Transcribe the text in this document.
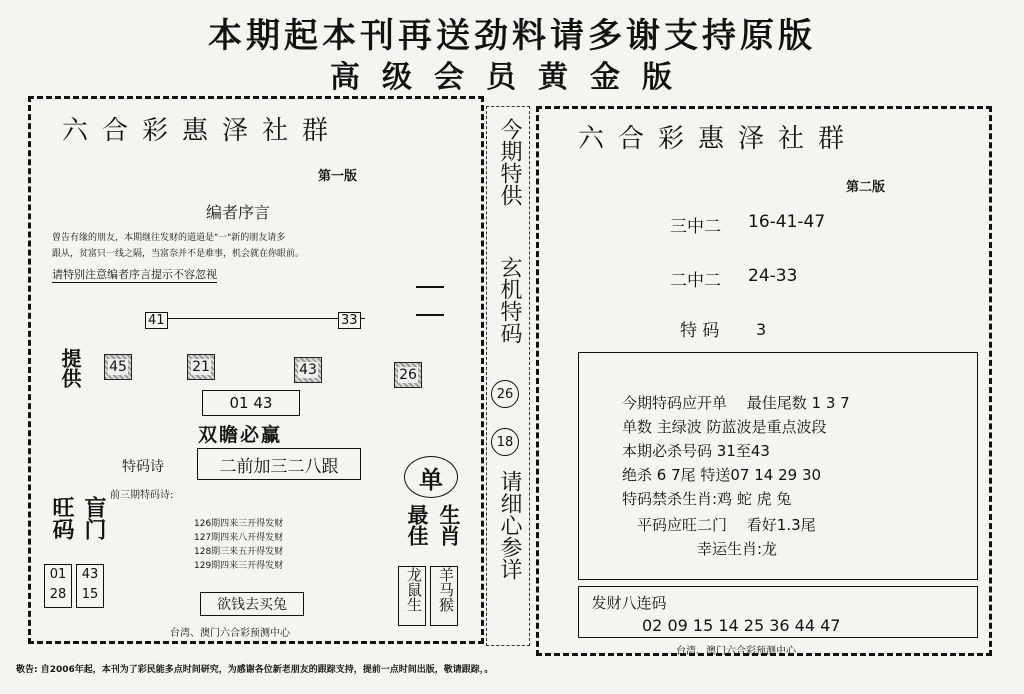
本期起本刊再送劲料请多谢支持原版
高级会员黄金版
六合彩惠泽社群
第一版
编者序言
曾告有缘的朋友，本期继往发财的道道是"一"新的朋友请多
跟从，贫富只一线之隔，当富奈并不是难事，机会就在你眼前。
请特别注意编者序言提示不容忽视
41	33
提供 45	21	43	26
01 43
双瞻必赢
特码诗	二前加三二八跟
前三期特码诗:
126期四来三开得发财
127期四来八开得发财
128期三来五开得发财
129期四来三开得发财
旺码 盲门
01
28
43
15
欲钱去买兔
台湾、澳门六合彩预测中心
单
最佳 生肖
龙鼠生 羊马猴
今期特供
玄机特码
26
18
请细心参详
六合彩惠泽社群
第二版
三中二 16-41-47
二中二 24-33
特 码 3
今期特码应开单　 最佳尾数 1 3 7
单数 主绿波 防蓝波是重点波段
本期必杀号码 31至43
绝杀 6 7尾 特送07 14 29 30
特码禁杀生肖:鸡 蛇 虎 兔
　平码应旺二门　 看好1.3尾
　　　　　幸运生肖:龙
发财八连码
02 09 15 14 25 36 44 47
台湾、澳门六合彩预测中心
敬告: 自2006年起，本刊为了彩民能多点时间研究，为感谢各位新老朋友的跟踪支持，提前一点时间出版，敬请跟踪，。
